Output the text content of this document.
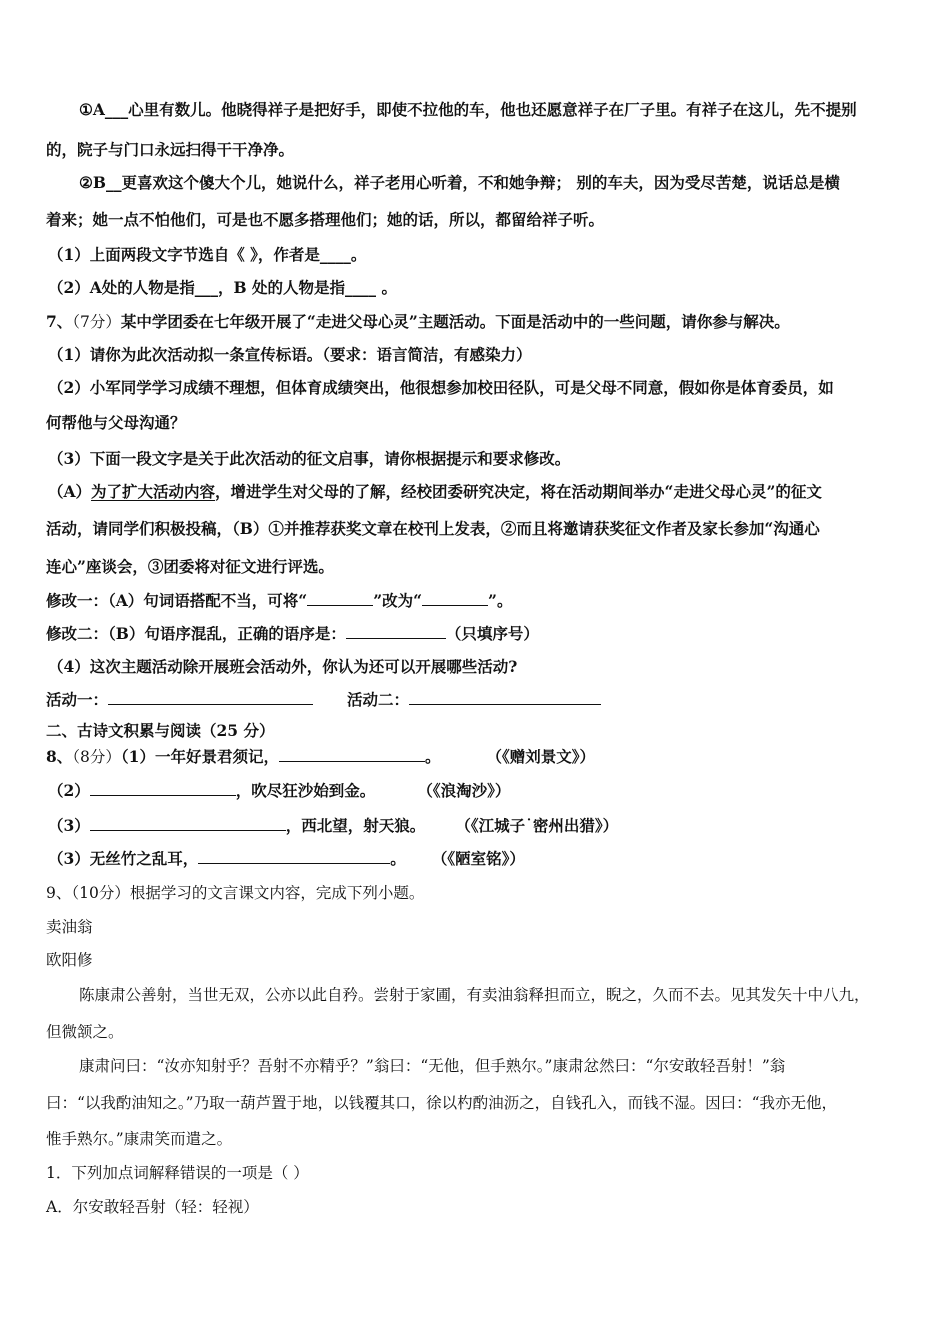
①A___心里有数儿。他晓得祥子是把好手，即使不拉他的车，他也还愿意祥子在厂子里。有祥子在这儿，先不提别
的，院子与门口永远扫得干干净净。
②B__更喜欢这个傻大个儿，她说什么，祥子老用心听着，不和她争辩； 别的车夫，因为受尽苦楚，说话总是横
着来；她一点不怕他们，可是也不愿多搭理他们；她的话，所以，都留给祥子听。
（1）上面两段文字节选自《 》，作者是____。
（2）A处的人物是指___，B 处的人物是指____ 。
7、（7分）某中学团委在七年级开展了“走进父母心灵”主题活动。下面是活动中的一些问题，请你参与解决。
（1）请你为此次活动拟一条宣传标语。（要求：语言简洁，有感染力）
（2）小军同学学习成绩不理想，但体育成绩突出，他很想参加校田径队，可是父母不同意，假如你是体育委员，如
何帮他与父母沟通？
（3）下面一段文字是关于此次活动的征文启事，请你根据提示和要求修改。
（A）为了扩大活动内容，增进学生对父母的了解，经校团委研究决定，将在活动期间举办“走进父母心灵”的征文
活动，请同学们积极投稿，（B）①并推荐获奖文章在校刊上发表，②而且将邀请获奖征文作者及家长参加“沟通心
连心”座谈会，③团委将对征文进行评选。
修改一：（A）句词语搭配不当，可将“	”改为“	”。
修改二：（B）句语序混乱，正确的语序是：	（只填序号）
（4）这次主题活动除开展班会活动外，你认为还可以开展哪些活动?
活动一：	活动二：
二、古诗文积累与阅读（25 分）
8、（8分）（1）一年好景君须记，	。	（《赠刘景文》）
（2）	，吹尽狂沙始到金。	（《浪淘沙》）
（3）	，西北望，射天狼。 （《江城子˙密州出猎》）
（3）无丝竹之乱耳，	。 （《陋室铭》）
9、（10分）根据学习的文言课文内容，完成下列小题。
卖油翁
欧阳修
陈康肃公善射，当世无双，公亦以此自矜。尝射于家圃，有卖油翁释担而立，睨之，久而不去。见其发矢十中八九，
但微颔之。
康肃问曰：“汝亦知射乎？吾射不亦精乎？”翁曰：“无他，但手熟尔。”康肃忿然曰：“尔安敢轻吾射！”翁
曰：“以我酌油知之。”乃取一葫芦置于地，以钱覆其口，徐以杓酌油沥之，自钱孔入，而钱不湿。因曰：“我亦无他，
惟手熟尔。”康肃笑而遣之。
1．下列加点词解释错误的一项是（ ）
A．尔安敢轻吾射（轻：轻视）
